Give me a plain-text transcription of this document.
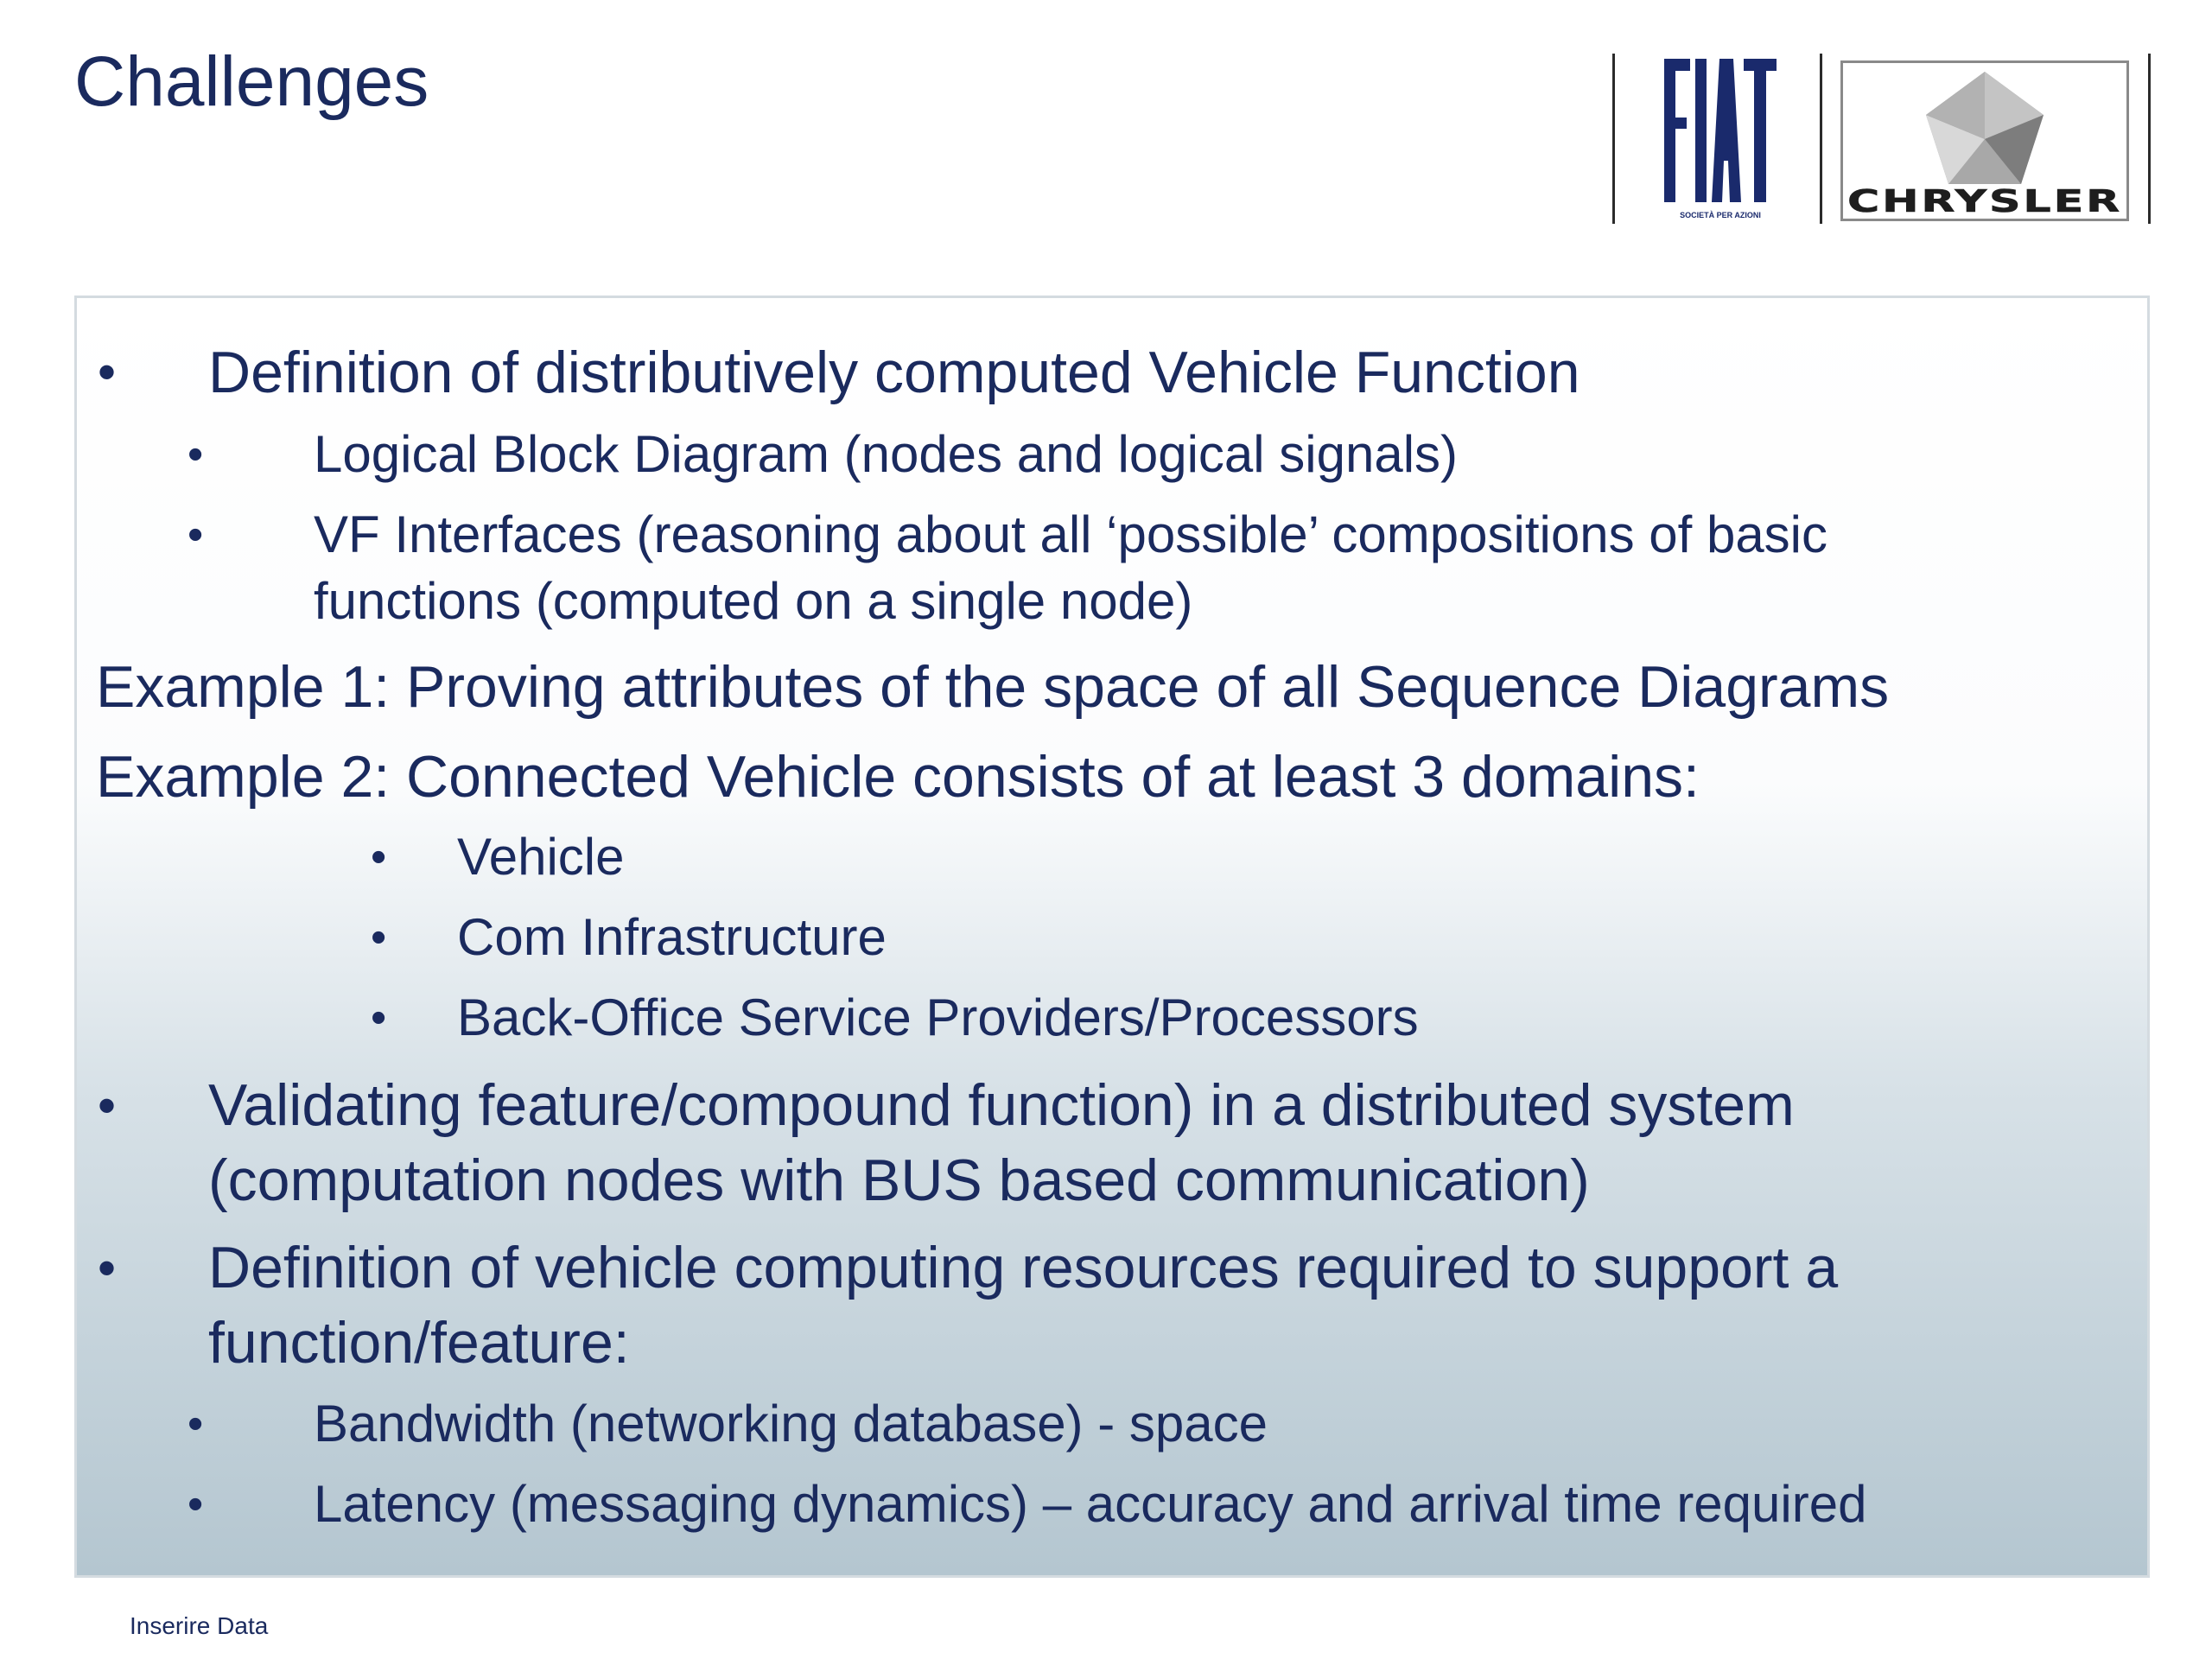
Challenges
SOCIETÀ PER AZIONI	CHRYSLER
• Definition of distributively computed Vehicle Function
• Logical Block Diagram (nodes and logical signals)
• VF Interfaces (reasoning about all ‘possible’ compositions of basic
functions (computed on a single node)
Example 1: Proving attributes of the space of all Sequence Diagrams
Example 2: Connected Vehicle consists of at least 3 domains:
• Vehicle
• Com Infrastructure
• Back-Office Service Providers/Processors
• Validating feature/compound function) in a distributed system
(computation nodes with BUS based communication)
• Definition of vehicle computing resources required to support a
function/feature:
• Bandwidth (networking database) - space
• Latency (messaging dynamics) – accuracy and arrival time required
Inserire Data
